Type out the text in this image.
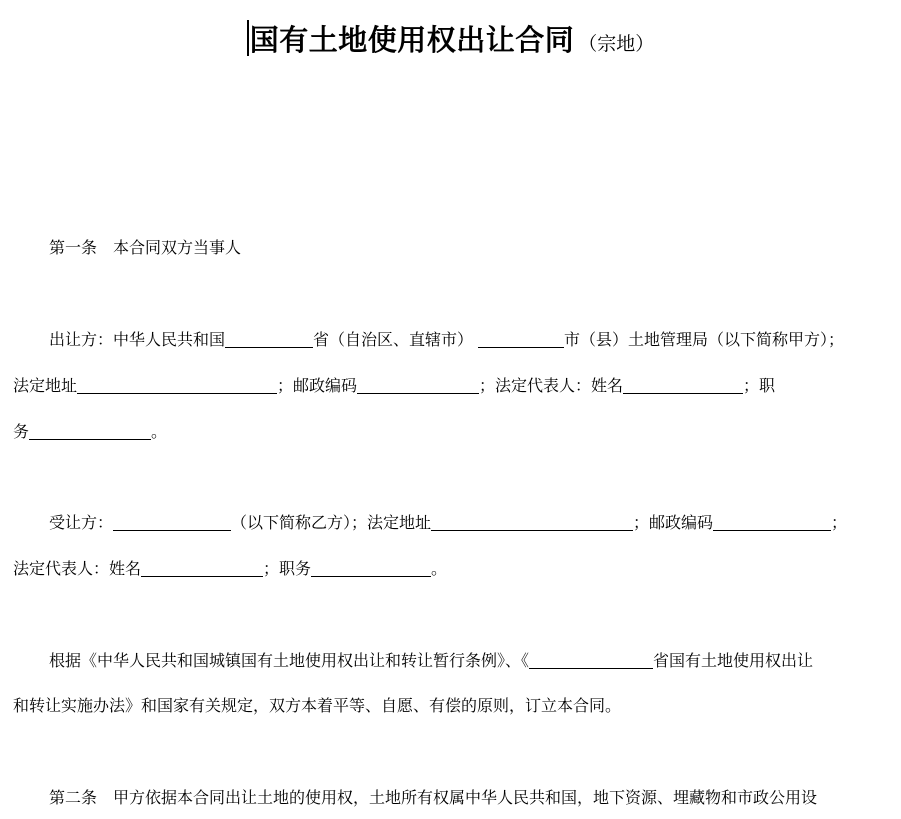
国有土地使用权出让合同 （宗地）
第一条　本合同双方当事人
出让方：中华人民共和国	省（自治区、直辖市）	市（县）土地管理局（以下简称甲方）；
法定地址	；邮政编码	；法定代表人：姓名	；职
务	。
受让方：	（以下简称乙方）；法定地址	；邮政编码	；
法定代表人：姓名	；职务	。
根据《中华人民共和国城镇国有土地使用权出让和转让暂行条例》、《	省国有土地使用权出让
和转让实施办法》和国家有关规定，双方本着平等、自愿、有偿的原则，订立本合同。
第二条　甲方依据本合同出让土地的使用权，土地所有权属中华人民共和国，地下资源、埋藏物和市政公用设
